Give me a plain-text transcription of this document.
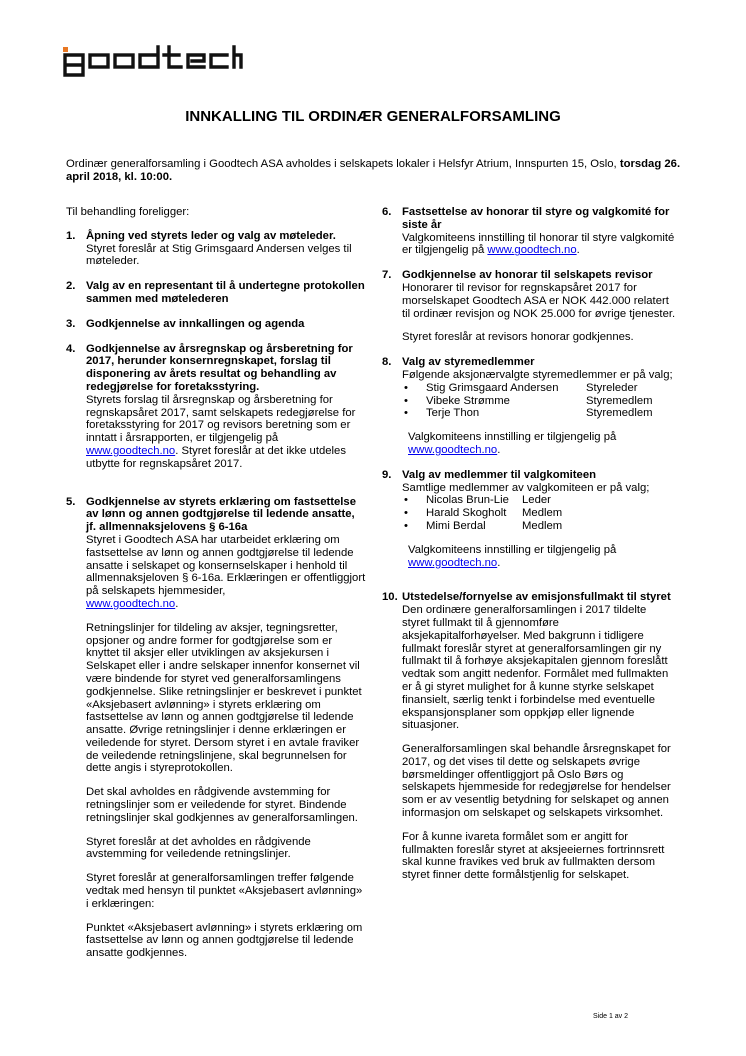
INNKALLING TIL ORDINÆR GENERALFORSAMLING

Ordinær generalforsamling i Goodtech ASA avholdes i selskapets lokaler i Helsfyr Atrium, Innspurten 15, Oslo, torsdag 26. april 2018, kl. 10:00.

Til behandling foreligger:

1. Åpning ved styrets leder og valg av møteleder.

Styret foreslår at Stig Grimsgaard Andersen velges til møteleder.

2. Valg av en representant til å undertegne protokollen sammen med møtelederen

3. Godkjennelse av innkallingen og agenda

4. Godkjennelse av årsregnskap og årsberetning for 2017, herunder konsernregnskapet, forslag til disponering av årets resultat og behandling av redegjørelse for foretaksstyring.

Styrets forslag til årsregnskap og årsberetning for regnskapsåret 2017, samt selskapets redegjørelse for foretaksstyring for 2017 og revisors beretning som er inntatt i årsrapporten, er tilgjengelig på www.goodtech.no. Styret foreslår at det ikke utdeles utbytte for regnskapsåret 2017.

5. Godkjennelse av styrets erklæring om fastsettelse av lønn og annen godtgjørelse til ledende ansatte, jf. allmennaksjelovens § 6-16a

Styret i Goodtech ASA har utarbeidet erklæring om fastsettelse av lønn og annen godtgjørelse til ledende ansatte i selskapet og konsernselskaper i henhold til allmennaksjeloven § 6-16a. Erklæringen er offentliggjort på selskapets hjemmesider,
www.goodtech.no.

Retningslinjer for tildeling av aksjer, tegningsretter, opsjoner og andre former for godtgjørelse som er knyttet til aksjer eller utviklingen av aksjekursen i Selskapet eller i andre selskaper innenfor konsernet vil være bindende for styret ved generalforsamlingens godkjennelse. Slike retningslinjer er beskrevet i punktet «Aksjebasert avlønning» i styrets erklæring om fastsettelse av lønn og annen godtgjørelse til ledende ansatte. Øvrige retningslinjer i denne erklæringen er veiledende for styret. Dersom styret i en avtale fraviker de veiledende retningslinjene, skal begrunnelsen for dette angis i styreprotokollen.

Det skal avholdes en rådgivende avstemming for retningslinjer som er veiledende for styret. Bindende retningslinjer skal godkjennes av generalforsamlingen.

Styret foreslår at det avholdes en rådgivende avstemming for veiledende retningslinjer.

Styret foreslår at generalforsamlingen treffer følgende vedtak med hensyn til punktet «Aksjebasert avlønning» i erklæringen:

Punktet «Aksjebasert avlønning» i styrets erklæring om fastsettelse av lønn og annen godtgjørelse til ledende ansatte godkjennes.

6. Fastsettelse av honorar til styre og valgkomité for siste år

Valgkomiteens innstilling til honorar til styre valgkomité er tilgjengelig på www.goodtech.no.

7. Godkjennelse av honorar til selskapets revisor

Honorarer til revisor for regnskapsåret 2017 for morselskapet Goodtech ASA er NOK 442.000 relatert til ordinær revisjon og NOK 25.000 for øvrige tjenester.

Styret foreslår at revisors honorar godkjennes.

8. Valg av styremedlemmer

Følgende aksjonærvalgte styremedlemmer er på valg;

•	Stig Grimsgaard Andersen	Styreleder
•	Vibeke Strømme	Styremedlem
•	Terje Thon	Styremedlem

Valgkomiteens innstilling er tilgjengelig på
www.goodtech.no.

9. Valg av medlemmer til valgkomiteen

Samtlige medlemmer av valgkomiteen er på valg;

•	Nicolas Brun-Lie	Leder
•	Harald Skogholt	Medlem
•	Mimi Berdal	Medlem

Valgkomiteens innstilling er tilgjengelig på
www.goodtech.no.

10. Utstedelse/fornyelse av emisjonsfullmakt til styret

Den ordinære generalforsamlingen i 2017 tildelte styret fullmakt til å gjennomføre aksjekapitalforhøyelser. Med bakgrunn i tidligere fullmakt foreslår styret at generalforsamlingen gir ny fullmakt til å forhøye aksjekapitalen gjennom foreslått vedtak som angitt nedenfor. Formålet med fullmakten er å gi styret mulighet for å kunne styrke selskapet finansielt, særlig tenkt i forbindelse med eventuelle ekspansjonsplaner som oppkjøp eller lignende situasjoner.

Generalforsamlingen skal behandle årsregnskapet for 2017, og det vises til dette og selskapets øvrige børsmeldinger offentliggjort på Oslo Børs og selskapets hjemmeside for redegjørelse for hendelser som er av vesentlig betydning for selskapet og annen informasjon om selskapet og selskapets virksomhet.

For å kunne ivareta formålet som er angitt for fullmakten foreslår styret at aksjeeiernes fortrinnsrett skal kunne fravikes ved bruk av fullmakten dersom styret finner dette formålstjenlig for selskapet.

Side 1 av 2
